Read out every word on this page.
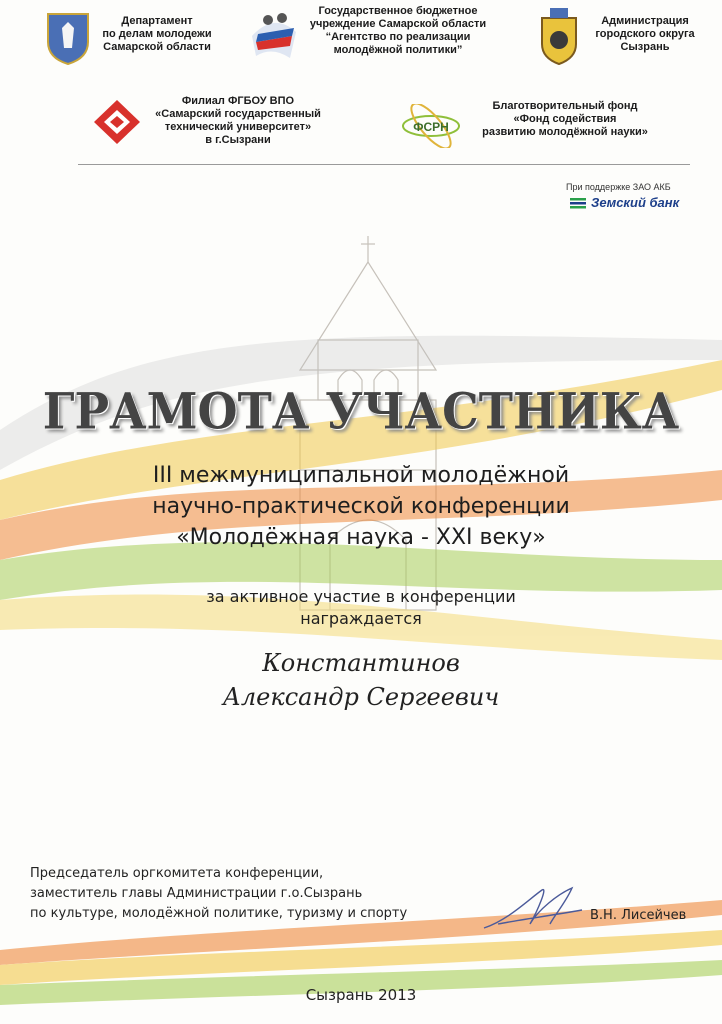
Департамент
по делам молодежи
Самарской области
Государственное бюджетное
учреждение Самарской области
“Агентство по реализации
молодёжной политики”
Администрация
городского округа
Сызрань
Филиал ФГБОУ ВПО
«Самарский государственный
технический университет»
в г.Сызрани
ФСРН
Благотворительный фонд
«Фонд содействия
развитию молодёжной науки»
При поддержке ЗАО АКБ
Земский банк
ГРАМОТА УЧАСТНИКА
III межмуниципальной молодёжной
научно-практической конференции
«Молодёжная наука - XXI веку»
за активное участие в конференции
награждается
Константинов
Александр Сергеевич
Председатель оргкомитета конференции,
заместитель главы Администрации г.о.Сызрань
по культуре, молодёжной политике, туризму и спорту	В.Н. Лисейчев
Сызрань 2013
